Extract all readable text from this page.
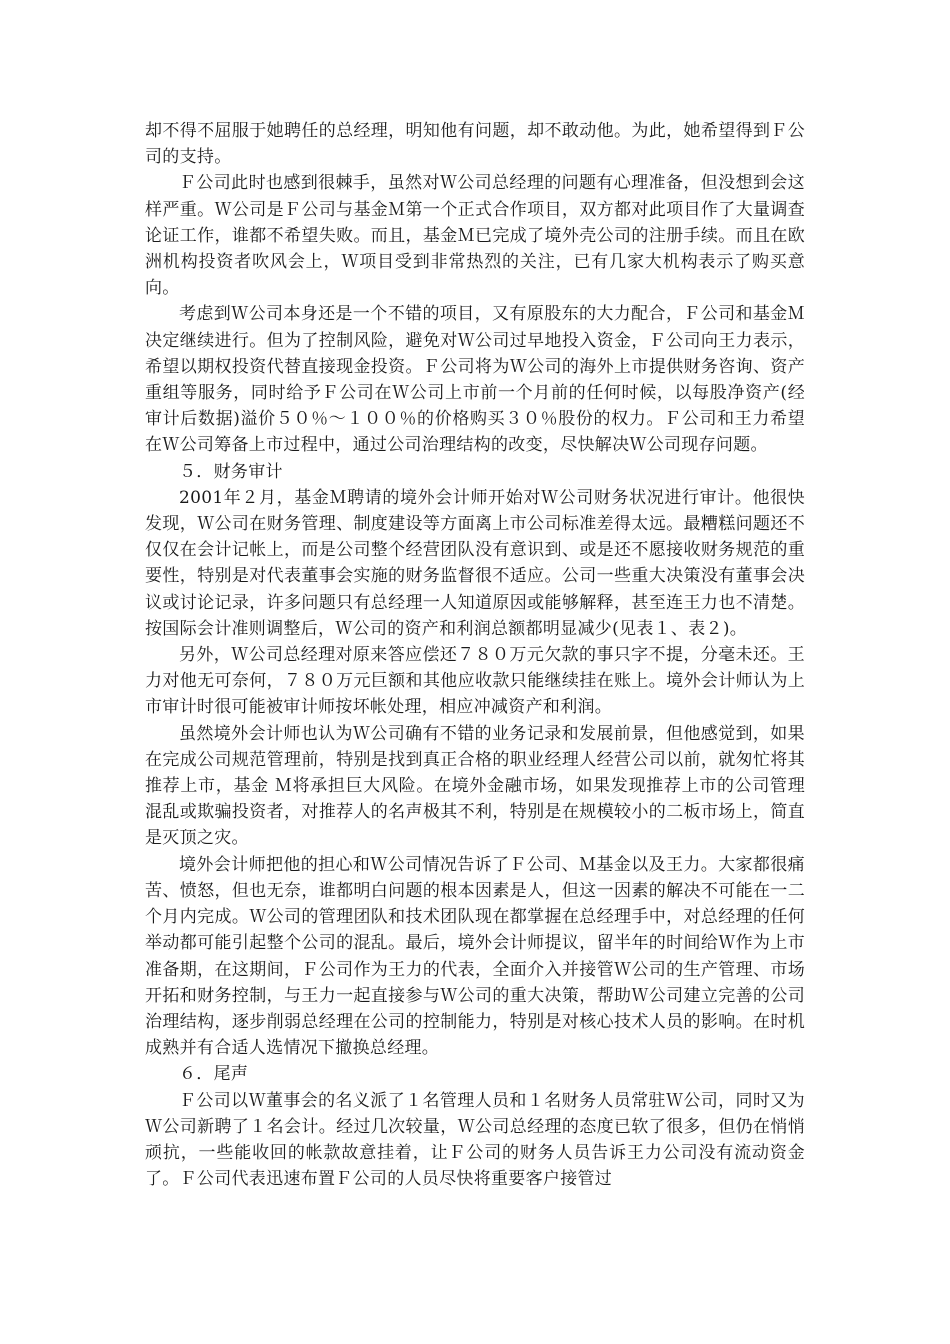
却不得不屈服于她聘任的总经理，明知他有问题，却不敢动他。为此，她希望得到Ｆ公司的支持。

Ｆ公司此时也感到很棘手，虽然对Ｗ公司总经理的问题有心理准备，但没想到会这样严重。Ｗ公司是Ｆ公司与基金Ｍ第一个正式合作项目，双方都对此项目作了大量调查论证工作，谁都不希望失败。而且，基金Ｍ已完成了境外壳公司的注册手续。而且在欧洲机构投资者吹风会上，Ｗ项目受到非常热烈的关注，已有几家大机构表示了购买意向。

考虑到Ｗ公司本身还是一个不错的项目，又有原股东的大力配合，Ｆ公司和基金Ｍ决定继续进行。但为了控制风险，避免对Ｗ公司过早地投入资金，Ｆ公司向王力表示，希望以期权投资代替直接现金投资。Ｆ公司将为Ｗ公司的海外上市提供财务咨询、资产重组等服务，同时给予Ｆ公司在Ｗ公司上市前一个月前的任何时候，以每股净资产(经审计后数据)溢价５０％～１００％的价格购买３０％股份的权力。Ｆ公司和王力希望在Ｗ公司筹备上市过程中，通过公司治理结构的改变，尽快解决Ｗ公司现存问题。

５．财务审计

2001年２月，基金Ｍ聘请的境外会计师开始对Ｗ公司财务状况进行审计。他很快发现，Ｗ公司在财务管理、制度建设等方面离上市公司标准差得太远。最糟糕问题还不仅仅在会计记帐上，而是公司整个经营团队没有意识到、或是还不愿接收财务规范的重要性，特别是对代表董事会实施的财务监督很不适应。公司一些重大决策没有董事会决议或讨论记录，许多问题只有总经理一人知道原因或能够解释，甚至连王力也不清楚。按国际会计准则调整后，Ｗ公司的资产和利润总额都明显减少(见表１、表２)。

另外，Ｗ公司总经理对原来答应偿还７８０万元欠款的事只字不提，分毫未还。王力对他无可奈何，７８０万元巨额和其他应收款只能继续挂在账上。境外会计师认为上市审计时很可能被审计师按坏帐处理，相应冲减资产和利润。

虽然境外会计师也认为Ｗ公司确有不错的业务记录和发展前景，但他感觉到，如果在完成公司规范管理前，特别是找到真正合格的职业经理人经营公司以前，就匆忙将其推荐上市，基金 Ｍ将承担巨大风险。在境外金融市场，如果发现推荐上市的公司管理混乱或欺骗投资者，对推荐人的名声极其不利，特别是在规模较小的二板市场上，简直是灭顶之灾。

境外会计师把他的担心和Ｗ公司情况告诉了Ｆ公司、Ｍ基金以及王力。大家都很痛苦、愤怒，但也无奈，谁都明白问题的根本因素是人，但这一因素的解决不可能在一二个月内完成。Ｗ公司的管理团队和技术团队现在都掌握在总经理手中，对总经理的任何举动都可能引起整个公司的混乱。最后，境外会计师提议，留半年的时间给Ｗ作为上市准备期，在这期间，Ｆ公司作为王力的代表，全面介入并接管Ｗ公司的生产管理、市场开拓和财务控制，与王力一起直接参与Ｗ公司的重大决策，帮助Ｗ公司建立完善的公司治理结构，逐步削弱总经理在公司的控制能力，特别是对核心技术人员的影响。在时机成熟并有合适人选情况下撤换总经理。

６．尾声

Ｆ公司以Ｗ董事会的名义派了１名管理人员和１名财务人员常驻Ｗ公司，同时又为Ｗ公司新聘了１名会计。经过几次较量，Ｗ公司总经理的态度已软了很多，但仍在悄悄顽抗，一些能收回的帐款故意挂着，让Ｆ公司的财务人员告诉王力公司没有流动资金了。Ｆ公司代表迅速布置Ｆ公司的人员尽快将重要客户接管过
